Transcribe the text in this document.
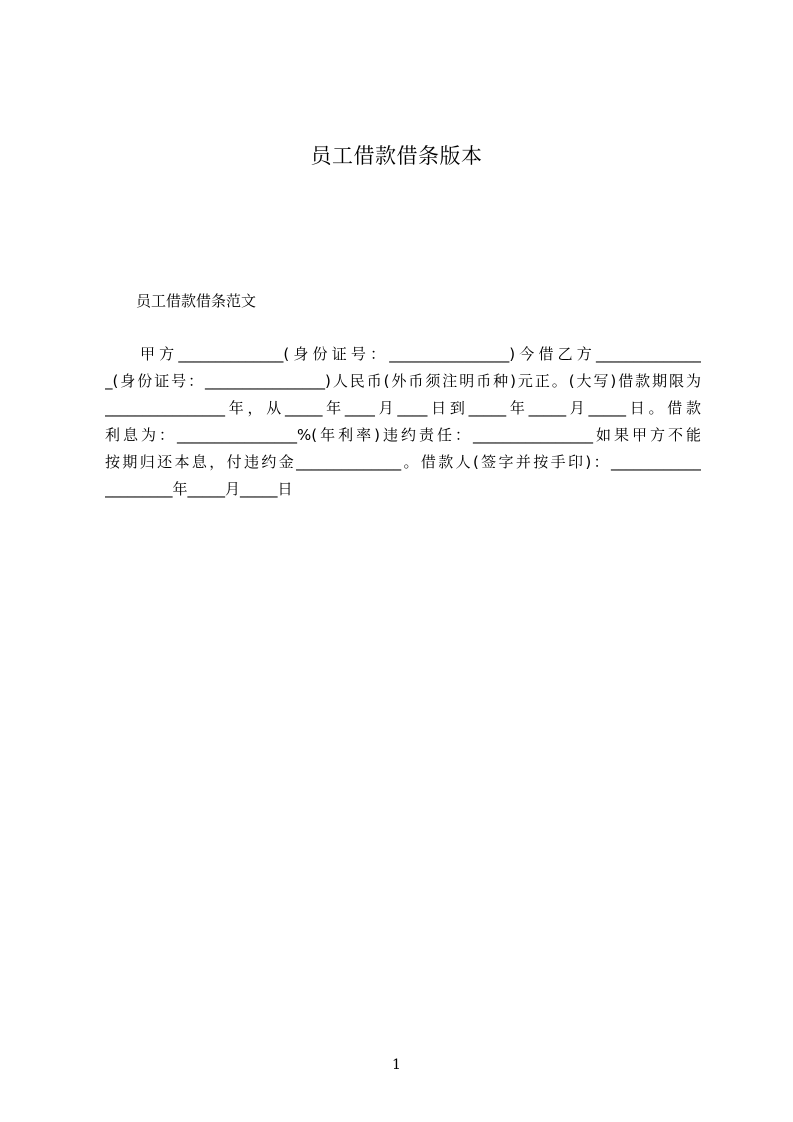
员工借款借条版本
员工借款借条范文
甲方______________(身份证号：________________)今借乙方______________
_(身份证号：________________)人民币(外币须注明币种)元正。(大写)借款期限为
________________年，从_____年____月____日到_____年_____月_____日。借款
利息为：________________%(年利率)违约责任：________________如果甲方不能
按期归还本息，付违约金______________。借款人(签字并按手印)：____________
_________年_____月_____日
1
